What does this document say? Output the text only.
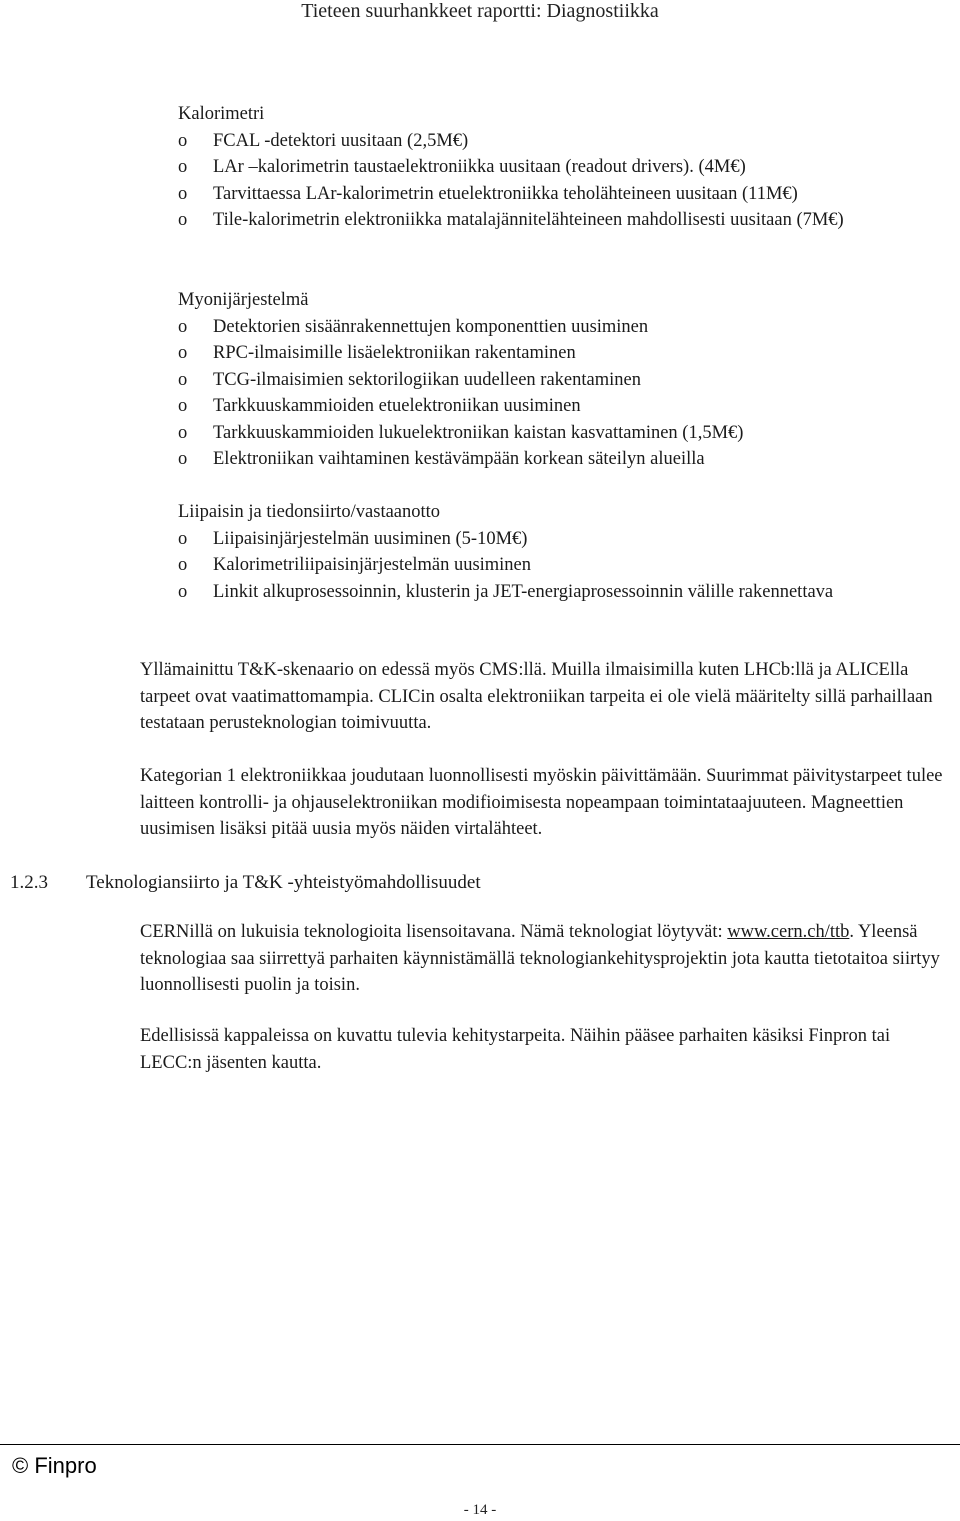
Tieteen suurhankkeet raportti: Diagnostiikka
Kalorimetri
o FCAL -detektori uusitaan (2,5M€)
o LAr –kalorimetrin taustaelektroniikka uusitaan (readout drivers). (4M€)
o Tarvittaessa LAr-kalorimetrin etuelektroniikka teholähteineen uusitaan (11M€)
o Tile-kalorimetrin elektroniikka matalajännitelähteineen mahdollisesti uusitaan (7M€)
Myonijärjestelmä
o Detektorien sisäänrakennettujen komponenttien uusiminen
o RPC-ilmaisimille lisäelektroniikan rakentaminen
o TCG-ilmaisimien sektorilogiikan uudelleen rakentaminen
o Tarkkuuskammioiden etuelektroniikan uusiminen
o Tarkkuuskammioiden lukuelektroniikan kaistan kasvattaminen (1,5M€)
o Elektroniikan vaihtaminen kestävämpään korkean säteilyn alueilla
Liipaisin ja tiedonsiirto/vastaanotto
o Liipaisinjärjestelmän uusiminen (5-10M€)
o Kalorimetriliipaisinjärjestelmän uusiminen
o Linkit alkuprosessoinnin, klusterin ja JET-energiaprosessoinnin välille rakennettava
Yllämainittu T&K-skenaario on edessä myös CMS:llä. Muilla ilmaisimilla kuten LHCb:llä ja ALICElla tarpeet ovat vaatimattomampia. CLICin osalta elektroniikan tarpeita ei ole vielä määritelty sillä parhaillaan testataan perusteknologian toimivuutta.
Kategorian 1 elektroniikkaa joudutaan luonnollisesti myöskin päivittämään. Suurimmat päivitystarpeet tulee laitteen kontrolli- ja ohjauselektroniikan modifioimisesta nopeampaan toimintataajuuteen. Magneettien uusimisen lisäksi pitää uusia myös näiden virtalähteet.
1.2.3 Teknologiansiirto ja T&K -yhteistyömahdollisuudet
CERNillä on lukuisia teknologioita lisensoitavana. Nämä teknologiat löytyvät: www.cern.ch/ttb. Yleensä teknologiaa saa siirrettyä parhaiten käynnistämällä teknologiankehitysprojektin jota kautta tietotaitoa siirtyy luonnollisesti puolin ja toisin.
Edellisissä kappaleissa on kuvattu tulevia kehitystarpeita. Näihin pääsee parhaiten käsiksi Finpron tai LECC:n jäsenten kautta.
© Finpro
- 14 -
